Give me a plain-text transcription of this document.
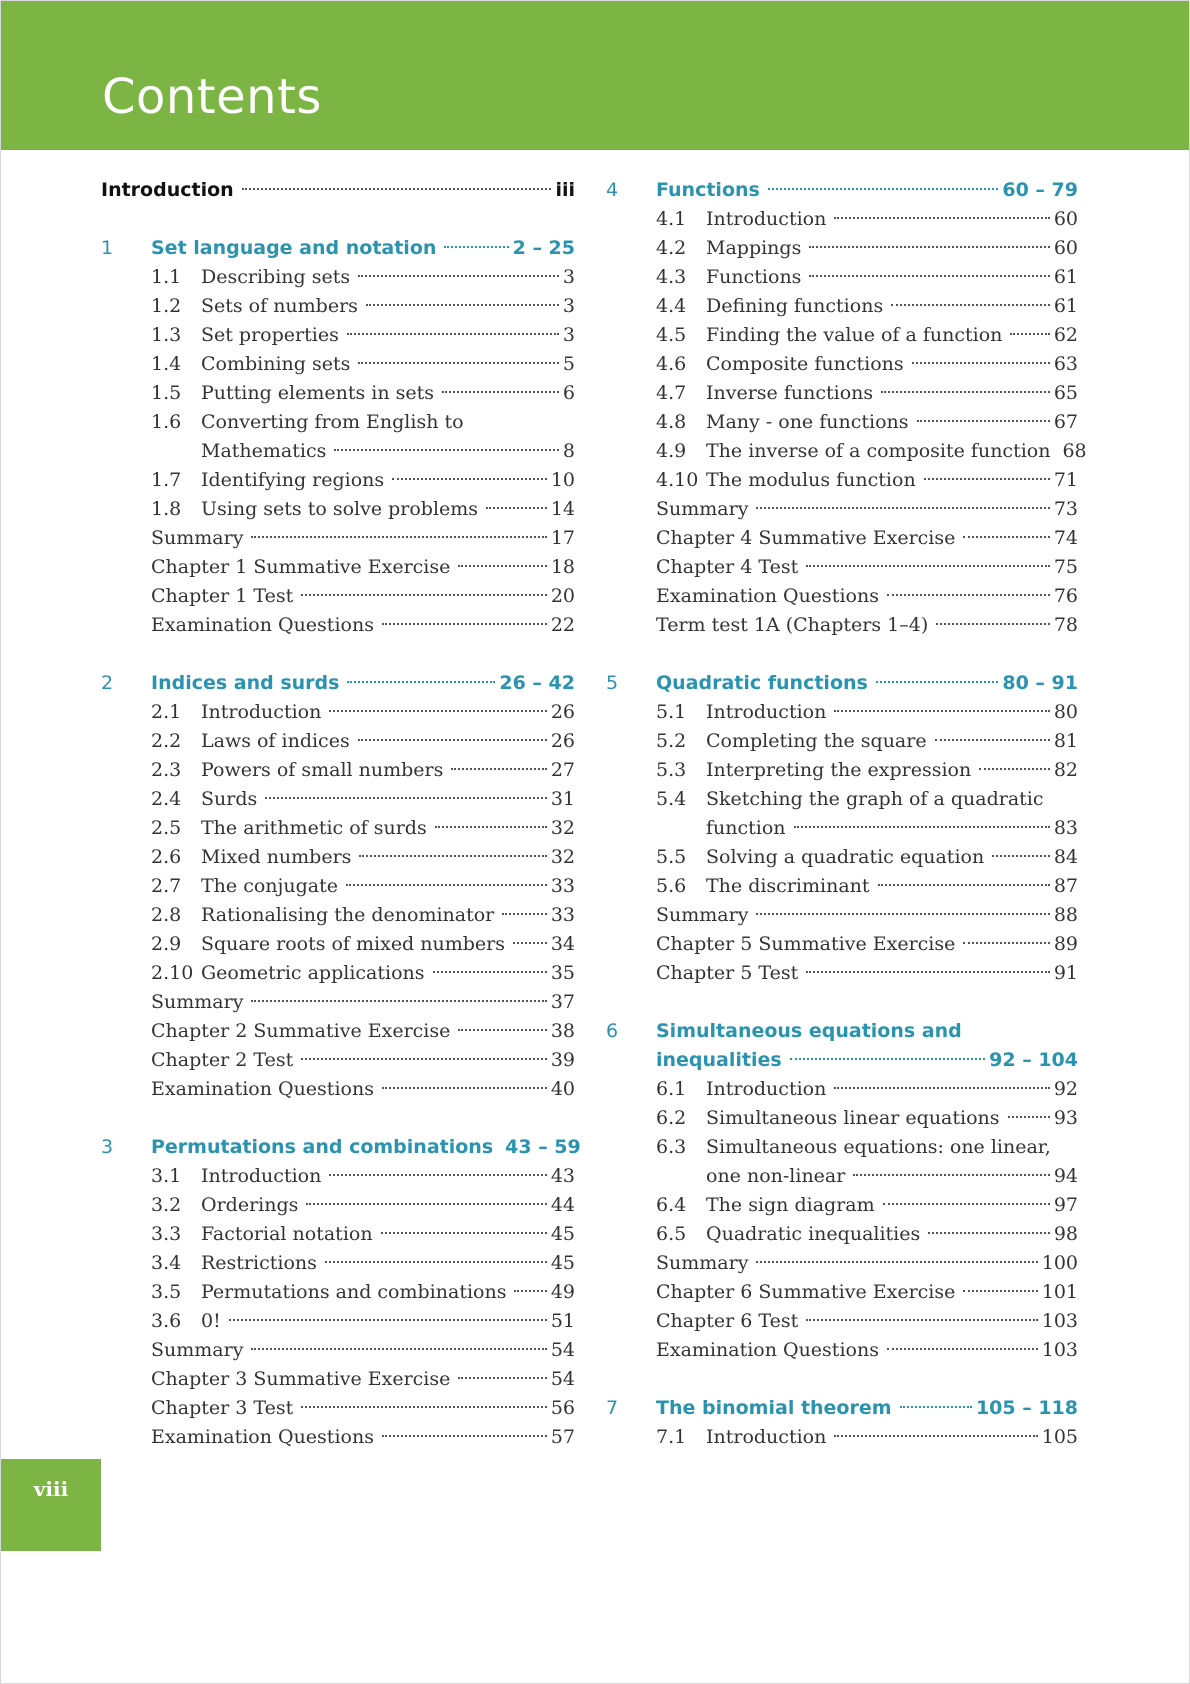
Contents
Introduction	iii
1 Set language and notation	2 – 25
1.1	Describing sets	3
1.2	Sets of numbers	3
1.3	Set properties	3
1.4	Combining sets	5
1.5	Putting elements in sets	6
1.6	Converting from English to
Mathematics	8
1.7	Identifying regions	10
1.8	Using sets to solve problems	14
Summary	17
Chapter 1 Summative Exercise	18
Chapter 1 Test	20
Examination Questions	22
2 Indices and surds	26 – 42
2.1	Introduction	26
2.2	Laws of indices	26
2.3	Powers of small numbers	27
2.4	Surds	31
2.5	The arithmetic of surds	32
2.6	Mixed numbers	32
2.7	The conjugate	33
2.8	Rationalising the denominator	33
2.9	Square roots of mixed numbers 34
2.10 Geometric applications	35
Summary	37
Chapter 2 Summative Exercise	38
Chapter 2 Test	39
Examination Questions	40
3 Permutations and combinations 43 – 59
3.1	Introduction	43
3.2	Orderings	44
3.3	Factorial notation	45
3.4	Restrictions	45
3.5	Permutations and combinations 49
3.6	0!	51
Summary	54
Chapter 3 Summative Exercise	54
Chapter 3 Test	56
Examination Questions	57
4 Functions	60 – 79
4.1	Introduction	60
4.2	Mappings	60
4.3	Functions	61
4.4	Defining functions	61
4.5	Finding the value of a function	62
4.6	Composite functions	63
4.7	Inverse functions	65
4.8	Many - one functions	67
4.9	The inverse of a composite function 68
4.10 The modulus function	71
Summary	73
Chapter 4 Summative Exercise	74
Chapter 4 Test	75
Examination Questions	76
Term test 1A (Chapters 1–4)	78
5 Quadratic functions	80 – 91
5.1	Introduction	80
5.2	Completing the square	81
5.3	Interpreting the expression	82
5.4	Sketching the graph of a quadratic
function	83
5.5	Solving a quadratic equation	84
5.6	The discriminant	87
Summary	88
Chapter 5 Summative Exercise	89
Chapter 5 Test	91
6 Simultaneous equations and
inequalities	92 – 104
6.1	Introduction	92
6.2	Simultaneous linear equations	93
6.3	Simultaneous equations: one linear,
one non-linear	94
6.4	The sign diagram	97
6.5	Quadratic inequalities	98
Summary	100
Chapter 6 Summative Exercise	101
Chapter 6 Test	103
Examination Questions	103
7 The binomial theorem	105 – 118
7.1	Introduction	105
viii
